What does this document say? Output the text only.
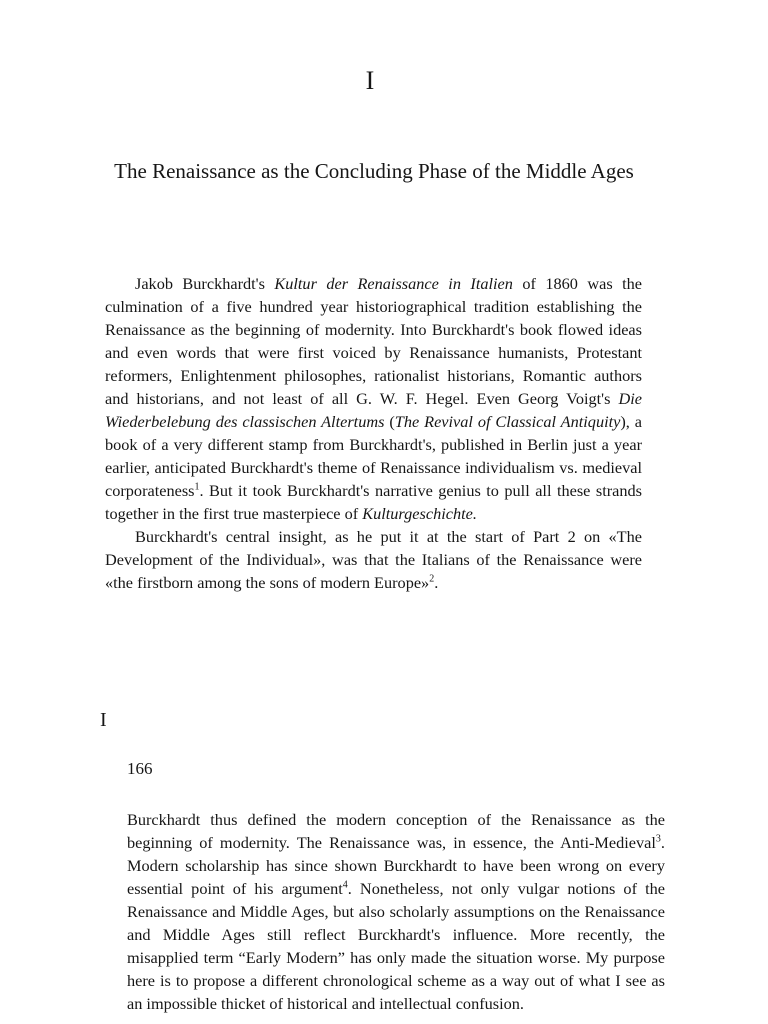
I
The Renaissance as the Concluding Phase of the Middle Ages

Jakob Burckhardt's Kultur der Renaissance in Italien of 1860 was the culmination of a five hundred year historiographical tradition establishing the Renaissance as the beginning of modernity. Into Burckhardt's book flowed ideas and even words that were first voiced by Renaissance humanists, Protestant reformers, Enlightenment philosophes, rationalist historians, Romantic authors and historians, and not least of all G. W. F. Hegel. Even Georg Voigt's Die Wiederbelebung des classischen Altertums (The Revival of Classical Antiquity), a book of a very different stamp from Burckhardt's, published in Berlin just a year earlier, anticipated Burckhardt's theme of Renaissance individualism vs. medieval corporateness$^1$. But it took Burckhardt's narrative genius to pull all these strands together in the first true masterpiece of Kulturgeschichte.

Burckhardt's central insight, as he put it at the start of Part 2 on «The Development of the Individual», was that the Italians of the Renaissance were «the firstborn among the sons of modern Europe»$^2$.

I
166

Burckhardt thus defined the modern conception of the Renaissance as the beginning of modernity. The Renaissance was, in essence, the Anti-Medieval$^3$. Modern scholarship has since shown Burckhardt to have been wrong on every essential point of his argument$^4$. Nonetheless, not only vulgar notions of the Renaissance and Middle Ages, but also scholarly assumptions on the Renaissance and Middle Ages still reflect Burckhardt's influence. More recently, the misapplied term “Early Modern” has only made the situation worse. My purpose here is to propose a different chronological scheme as a way out of what I see as an impossible thicket of historical and intellectual confusion.
